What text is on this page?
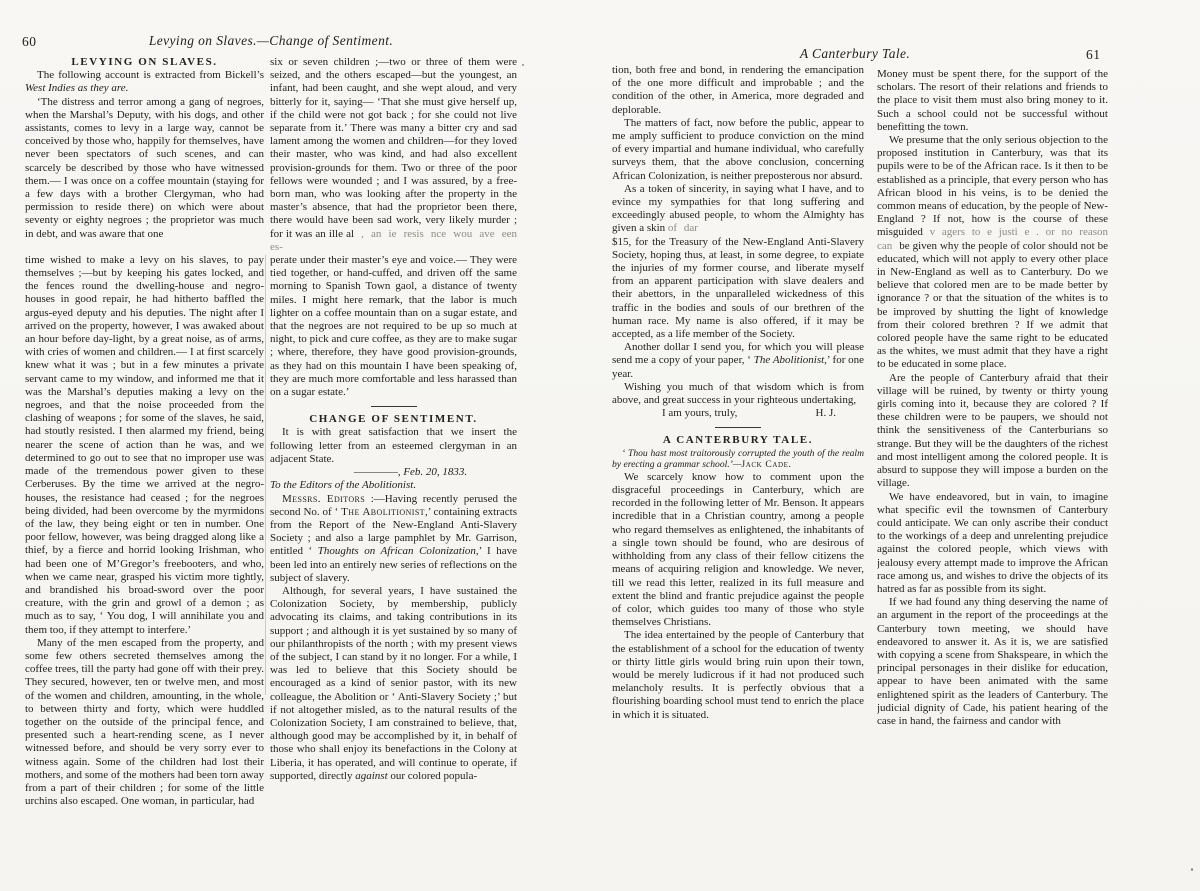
60	Levying on Slaves.—Change of Sentiment.
A Canterbury Tale.	61

LEVYING ON SLAVES.

The following account is extracted from Bickell’s West Indies as they are.

‘The distress and terror among a gang of negroes, when the Marshal’s Deputy, with his dogs, and other assistants, comes to levy in a large way, cannot be conceived by those who, happily for themselves, have never been spectators of such scenes, and can scarcely be described by those who have witnessed them.— I was once on a coffee mountain (staying for a few days with a brother Clergyman, who had permission to reside there) on which were about seventy or eighty negroes ; the proprietor was much in debt, and was aware that one

time wished to make a levy on his slaves, to pay themselves ;—but by keeping his gates locked, and the fences round the dwelling-house and negro-houses in good repair, he had hitherto baffled the argus-eyed deputy and his deputies. The night after I arrived on the property, however, I was awaked about an hour before day-light, by a great noise, as of arms, with cries of women and children.— I at first scarcely knew what it was ; but in a few minutes a private servant came to my window, and informed me that it was the Marshal’s deputies making a levy on the negroes, and that the noise proceeded from the clashing of weapons ; for some of the slaves, he said, had stoutly resisted. I then alarmed my friend, being nearer the scene of action than he was, and we determined to go out to see that no improper use was made of the tremendous power given to these Cerberuses. By the time we arrived at the negro-houses, the resistance had ceased ; for the negroes being divided, had been overcome by the myrmidons of the law, they being eight or ten in number. One poor fellow, however, was being dragged along like a thief, by a fierce and horrid looking Irishman, who had been one of M’Gregor’s freebooters, and who, when we came near, grasped his victim more tightly, and brandished his broad-sword over the poor creature, with the grin and growl of a demon ; as much as to say, ‘ You dog, I will annihilate you and them too, if they attempt to interfere.’

Many of the men escaped from the property, and some few others secreted themselves among the coffee trees, till the party had gone off with their prey. They secured, however, ten or twelve men, and most of the women and children, amounting, in the whole, to between thirty and forty, which were huddled together on the outside of the principal fence, and presented such a heart-rending scene, as I never witnessed before, and should be very sorry ever to witness again. Some of the children had lost their mothers, and some of the mothers had been torn away from a part of their children ; for some of the little urchins also escaped. One woman, in particular, had

six or seven children ;—two or three of them were seized, and the others escaped—but the youngest, an infant, had been caught, and she wept aloud, and very bitterly for it, saying— ‘That she must give herself up, if the child were not got back ; for she could not live separate from it.’ There was many a bitter cry and sad lament among the women and children—for they loved their master, who was kind, and had also excellent provision-grounds for them. Two or three of the poor fellows were wounded ; and I was assured, by a free-born man, who was looking after the property in the master’s absence, that had the proprietor been there, there would have been sad work, very likely murder ; for it was an ille al , an ie resis nce wou ave een es-

perate under their master’s eye and voice.— They were tied together, or hand-cuffed, and driven off the same morning to Spanish Town gaol, a distance of twenty miles. I might here remark, that the labor is much lighter on a coffee mountain than on a sugar estate, and that the negroes are not required to be up so much at night, to pick and cure coffee, as they are to make sugar ; where, therefore, they have good provision-grounds, as they had on this mountain I have been speaking of, they are much more comfortable and less harassed than on a sugar estate.’

CHANGE OF SENTIMENT.

It is with great satisfaction that we insert the following letter from an esteemed clergyman in an adjacent State.

————, Feb. 20, 1833.

To the Editors of the Abolitionist.

Messrs. Editors :—Having recently perused the second No. of ‘ The Abolitionist,’ containing extracts from the Report of the New-England Anti-Slavery Society ; and also a large pamphlet by Mr. Garrison, entitled ‘ Thoughts on African Colonization,’ I have been led into an entirely new series of reflections on the subject of slavery.

Although, for several years, I have sustained the Colonization Society, by membership, publicly advocating its claims, and taking contributions in its support ; and although it is yet sustained by so many of our philanthropists of the north ; with my present views of the subject, I can stand by it no longer. For a while, I was led to believe that this Society should be encouraged as a kind of senior pastor, with its new colleague, the Abolition or ‘ Anti-Slavery Society ;’ but if not altogether misled, as to the natural results of the Colonization Society, I am constrained to believe, that, although good may be accomplished by it, in behalf of those who shall enjoy its benefactions in the Colony at Liberia, it has operated, and will continue to operate, if supported, directly against our colored popula-

tion, both free and bond, in rendering the emancipation of the one more difficult and improbable ; and the condition of the other, in America, more degraded and deplorable.

The matters of fact, now before the public, appear to me amply sufficient to produce conviction on the mind of every impartial and humane individual, who carefully surveys them, that the above conclusion, concerning African Colonization, is neither preposterous nor absurd.

As a token of sincerity, in saying what I have, and to evince my sympathies for that long suffering and exceedingly abused people, to whom the Almighty has given a skin of dar

$15, for the Treasury of the New-England Anti-Slavery Society, hoping thus, at least, in some degree, to expiate the injuries of my former course, and liberate myself from an apparent participation with slave dealers and their abettors, in the unparalleled wickedness of this traffic in the bodies and souls of our brethren of the human race. My name is also offered, if it may be accepted, as a life member of the Society.

Another dollar I send you, for which you will please send me a copy of your paper, ‘ The Abolitionist,’ for one year.

Wishing you much of that wisdom which is from above, and great success in your righteous undertaking,

I am yours, truly,	H. J.

A CANTERBURY TALE.

‘ Thou hast most traitorously corrupted the youth of the realm by erecting a grammar school.’—Jack Cade.

We scarcely know how to comment upon the disgraceful proceedings in Canterbury, which are recorded in the following letter of Mr. Benson. It appears incredible that in a Christian country, among a people who regard themselves as enlightened, the inhabitants of a single town should be found, who are desirous of withholding from any class of their fellow citizens the means of acquiring religion and knowledge. We never, till we read this letter, realized in its full measure and extent the blind and frantic prejudice against the people of color, which guides too many of those who style themselves Christians.

The idea entertained by the people of Canterbury that the establishment of a school for the education of twenty or thirty little girls would bring ruin upon their town, would be merely ludicrous if it had not produced such melancholy results. It is perfectly obvious that a flourishing boarding school must tend to enrich the place in which it is situated.

Money must be spent there, for the support of the scholars. The resort of their relations and friends to the place to visit them must also bring money to it. Such a school could not be successful without benefitting the town.

We presume that the only serious objection to the proposed institution in Canterbury, was that its pupils were to be of the African race. Is it then to be established as a principle, that every person who has African blood in his veins, is to be denied the common means of education, by the people of New-England ? If not, how is the course of these misguided v agers to e justi e . or no reason can be given why the people of color should not be educated, which will not apply to every other place in New-England as well as to Canterbury. Do we believe that colored men are to be made better by ignorance ? or that the situation of the whites is to be improved by shutting the light of knowledge from their colored brethren ? If we admit that colored people have the same right to be educated as the whites, we must admit that they have a right to be educated in some place.

Are the people of Canterbury afraid that their village will be ruined, by twenty or thirty young girls coming into it, because they are colored ? If these children were to be paupers, we should not think the sensitiveness of the Canterburians so strange. But they will be the daughters of the richest and most intelligent among the colored people. It is absurd to suppose they will impose a burden on the village.

We have endeavored, but in vain, to imagine what specific evil the townsmen of Canterbury could anticipate. We can only ascribe their conduct to the workings of a deep and unrelenting prejudice against the colored people, which views with jealousy every attempt made to improve the African race among us, and wishes to drive the objects of its hatred as far as possible from its sight.

If we had found any thing deserving the name of an argument in the report of the proceedings at the Canterbury town meeting, we should have endeavored to answer it. As it is, we are satisfied with copying a scene from Shakspeare, in which the principal personages in their dislike for education, appear to have been animated with the same enlightened spirit as the leaders of Canterbury. The judicial dignity of Cade, his patient hearing of the case in hand, the fairness and candor with
